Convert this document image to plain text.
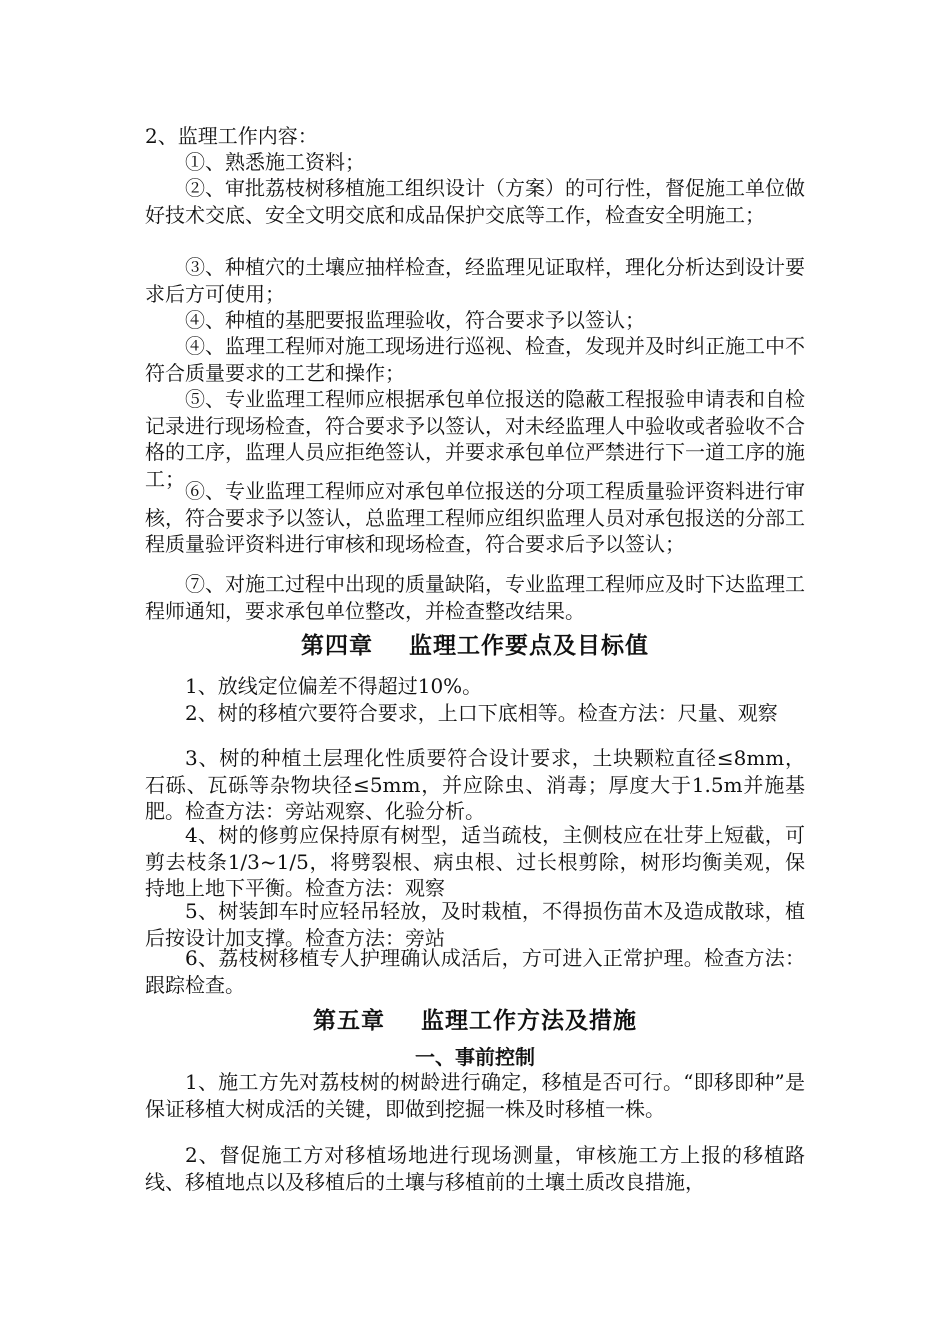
2、监理工作内容：

①、熟悉施工资料；

②、审批荔枝树移植施工组织设计（方案）的可行性，督促施工单位做好技术交底、安全文明交底和成品保护交底等工作，检查安全明施工；

③、种植穴的土壤应抽样检查，经监理见证取样，理化分析达到设计要求后方可使用；

④、种植的基肥要报监理验收，符合要求予以签认；

④、监理工程师对施工现场进行巡视、检查，发现并及时纠正施工中不符合质量要求的工艺和操作；

⑤、专业监理工程师应根据承包单位报送的隐蔽工程报验申请表和自检记录进行现场检查，符合要求予以签认，对未经监理人中验收或者验收不合格的工序，监理人员应拒绝签认，并要求承包单位严禁进行下一道工序的施工；

⑥、专业监理工程师应对承包单位报送的分项工程质量验评资料进行审核，符合要求予以签认，总监理工程师应组织监理人员对承包报送的分部工程质量验评资料进行审核和现场检查，符合要求后予以签认；

⑦、对施工过程中出现的质量缺陷，专业监理工程师应及时下达监理工程师通知，要求承包单位整改，并检查整改结果。

第四章    监理工作要点及目标值

1、放线定位偏差不得超过10%。

2、树的移植穴要符合要求，上口下底相等。检查方法：尺量、观察

3、树的种植土层理化性质要符合设计要求，土块颗粒直径≤8mm，石砾、瓦砾等杂物块径≤5mm，并应除虫、消毒；厚度大于1.5m并施基肥。检查方法：旁站观察、化验分析。

4、树的修剪应保持原有树型，适当疏枝，主侧枝应在壮芽上短截，可剪去枝条1/3~1/5，将劈裂根、病虫根、过长根剪除，树形均衡美观，保持地上地下平衡。检查方法：观察

5、树装卸车时应轻吊轻放，及时栽植，不得损伤苗木及造成散球，植后按设计加支撑。检查方法：旁站

6、荔枝树移植专人护理确认成活后，方可进入正常护理。检查方法：跟踪检查。

第五章    监理工作方法及措施
一、事前控制

1、施工方先对荔枝树的树龄进行确定，移植是否可行。“即移即种”是保证移植大树成活的关键，即做到挖掘一株及时移植一株。

2、督促施工方对移植场地进行现场测量，审核施工方上报的移植路线、移植地点以及移植后的土壤与移植前的土壤土质改良措施，
